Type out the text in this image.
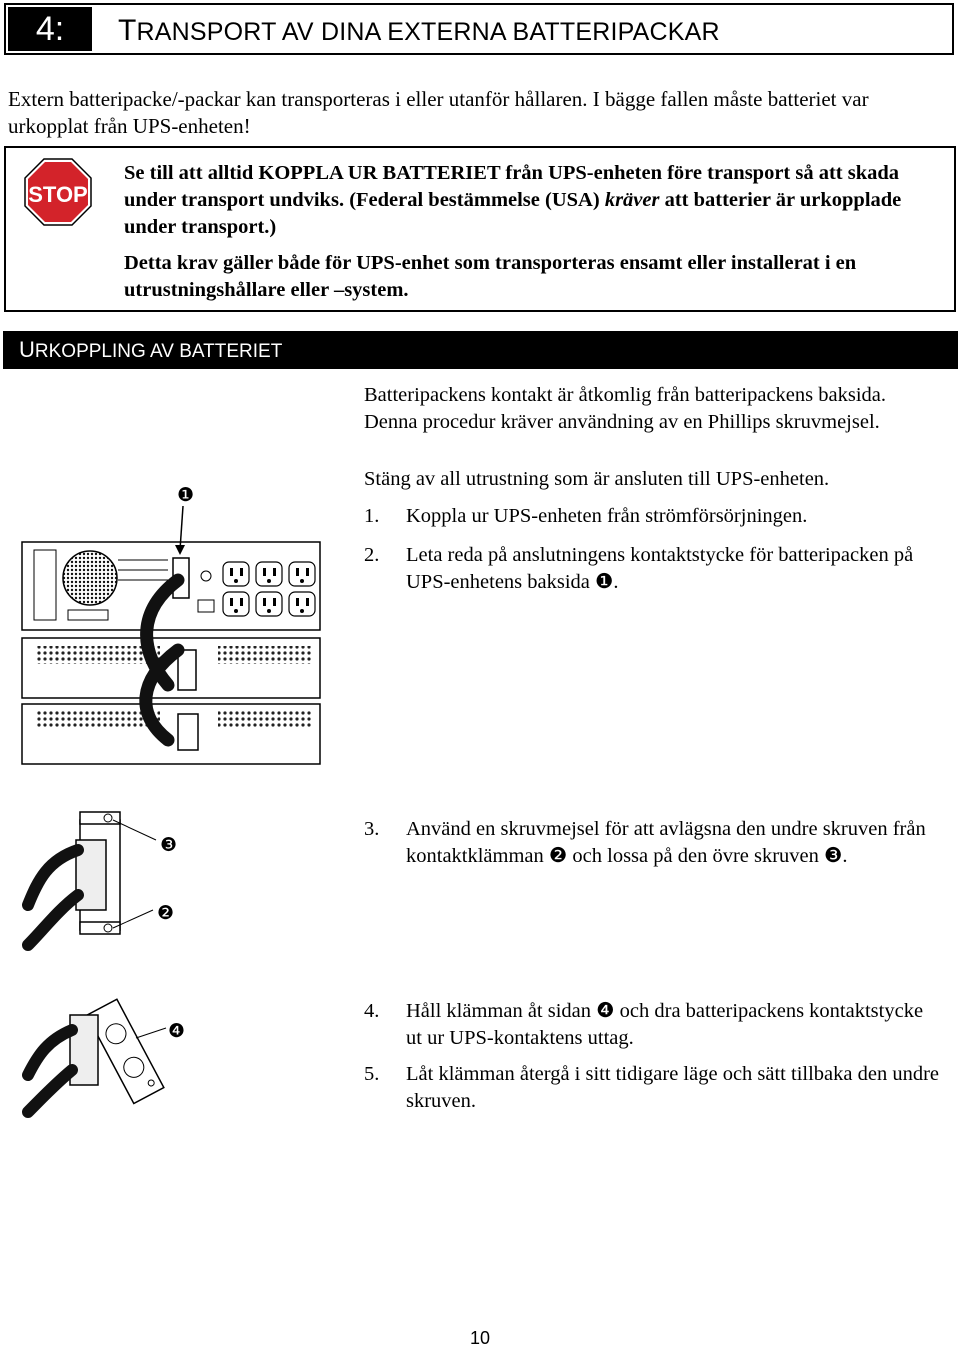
4:	TRANSPORT AV DINA EXTERNA BATTERIPACKAR
Extern batteripacke/-packar kan transporteras i eller utanför hållaren. I bägge fallen måste batteriet var urkopplat från UPS-enheten!
STOP

Se till att alltid KOPPLA UR BATTERIET från UPS-enheten före transport så att skada under transport undviks. (Federal bestämmelse (USA) kräver att batterier är urkopplade under transport.)

Detta krav gäller både för UPS-enhet som transporteras ensamt eller installerat i en utrustningshållare eller –system.

URKOPPLING AV BATTERIET
Batteripackens kontakt är åtkomlig från batteripackens baksida. Denna procedur kräver användning av en Phillips skruvmejsel.
Stäng av all utrustning som är ansluten till UPS-enheten.
1.	Koppla ur UPS-enheten från strömförsörjningen.
2.	Leta reda på anslutningens kontaktstycke för batteripacken på UPS-enhetens baksida ❶.
3.	Använd en skruvmejsel för att avlägsna den undre skruven från kontaktklämman ❷ och lossa på den övre skruven ❸.
4.	Håll klämman åt sidan ❹ och dra batteripackens kontaktstycke ut ur UPS-kontaktens uttag.
5.	Låt klämman återgå i sitt tidigare läge och sätt tillbaka den undre skruven.
❶
❸
❷
❹
10
